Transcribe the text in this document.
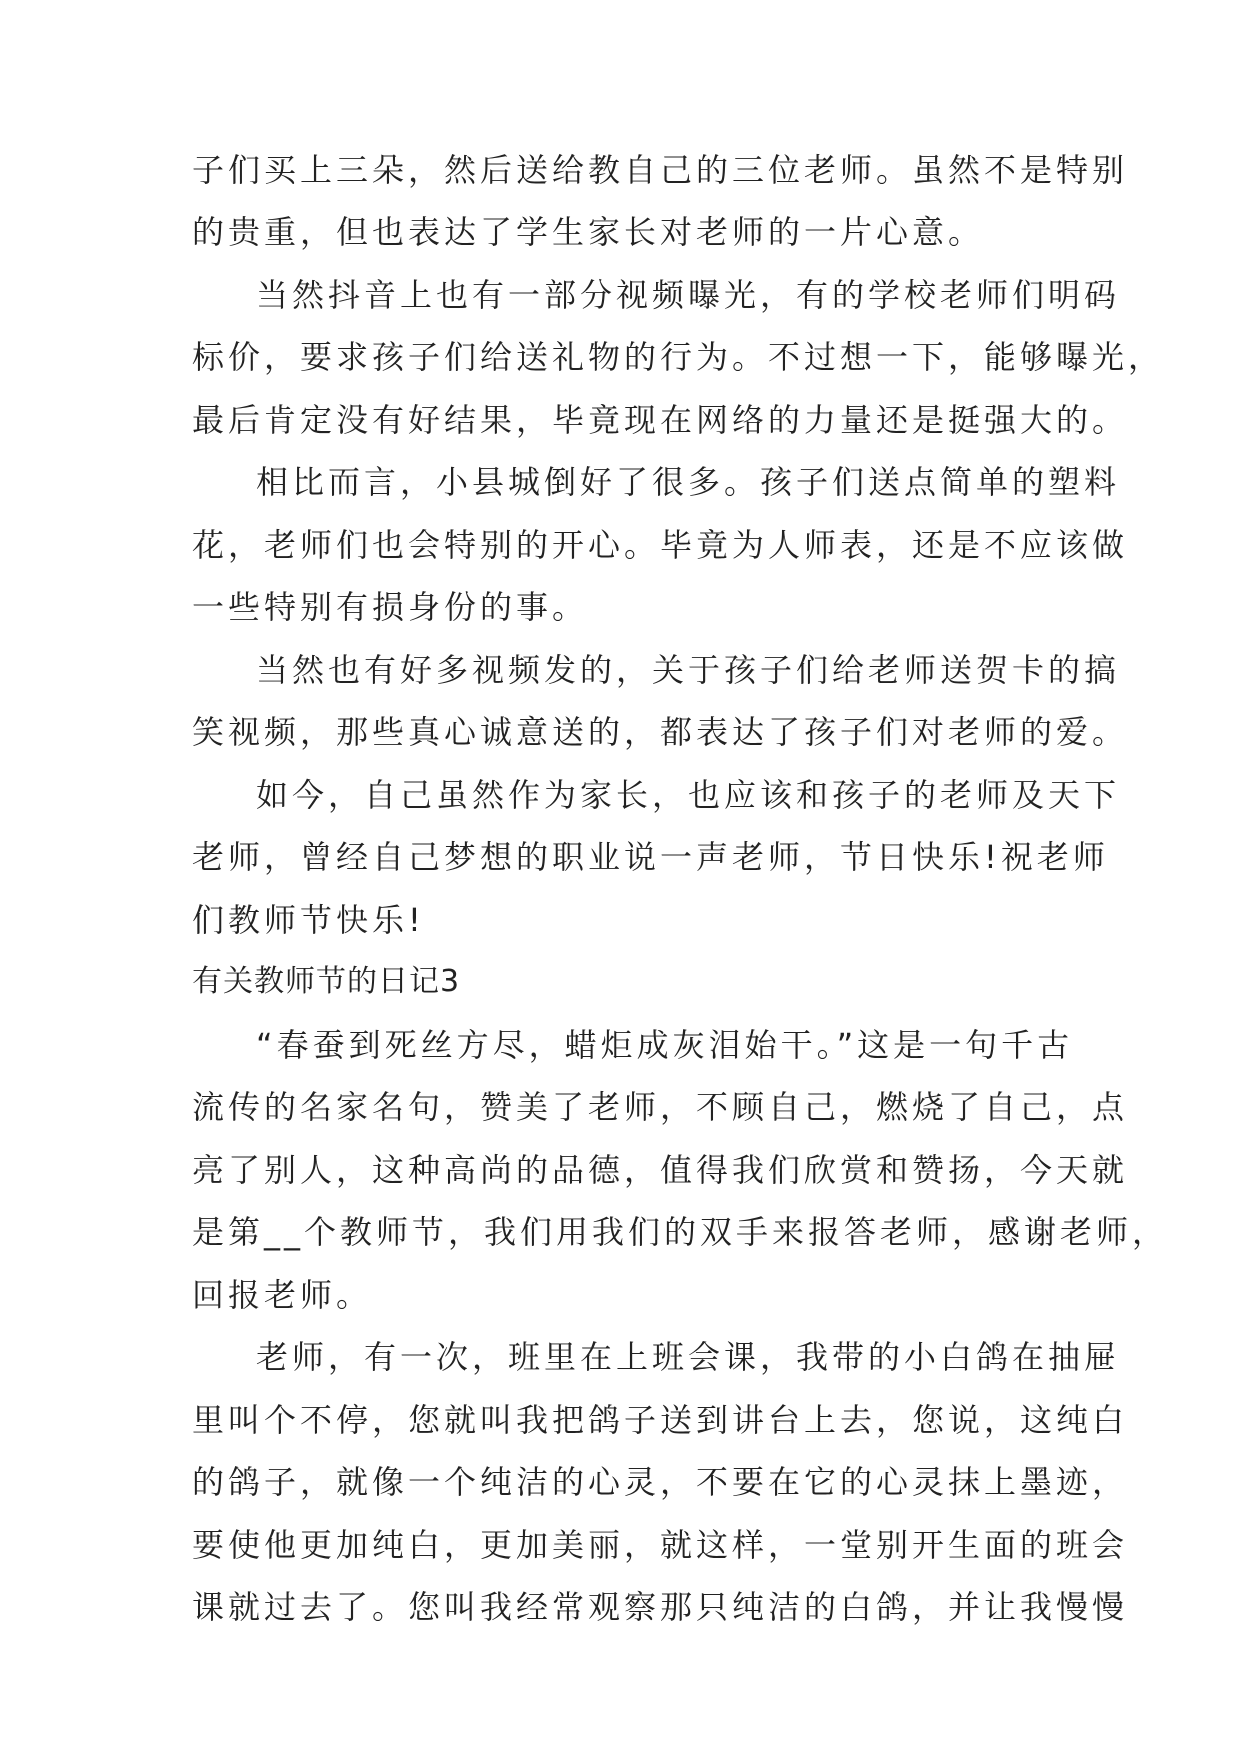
子们买上三朵，然后送给教自己的三位老师。虽然不是特别
的贵重，但也表达了学生家长对老师的一片心意。
当然抖音上也有一部分视频曝光，有的学校老师们明码
标价，要求孩子们给送礼物的行为。不过想一下，能够曝光，
最后肯定没有好结果，毕竟现在网络的力量还是挺强大的。
相比而言，小县城倒好了很多。孩子们送点简单的塑料
花，老师们也会特别的开心。毕竟为人师表，还是不应该做
一些特别有损身份的事。
当然也有好多视频发的，关于孩子们给老师送贺卡的搞
笑视频，那些真心诚意送的，都表达了孩子们对老师的爱。
如今，自己虽然作为家长，也应该和孩子的老师及天下
老师，曾经自己梦想的职业说一声老师，节日快乐!祝老师
们教师节快乐!
有关教师节的日记3
“春蚕到死丝方尽，蜡炬成灰泪始干。”这是一句千古
流传的名家名句，赞美了老师，不顾自己，燃烧了自己，点
亮了别人，这种高尚的品德，值得我们欣赏和赞扬，今天就
是第__个教师节，我们用我们的双手来报答老师，感谢老师，
回报老师。
老师，有一次，班里在上班会课，我带的小白鸽在抽屉
里叫个不停，您就叫我把鸽子送到讲台上去，您说，这纯白
的鸽子，就像一个纯洁的心灵，不要在它的心灵抹上墨迹，
要使他更加纯白，更加美丽，就这样，一堂别开生面的班会
课就过去了。您叫我经常观察那只纯洁的白鸽，并让我慢慢
